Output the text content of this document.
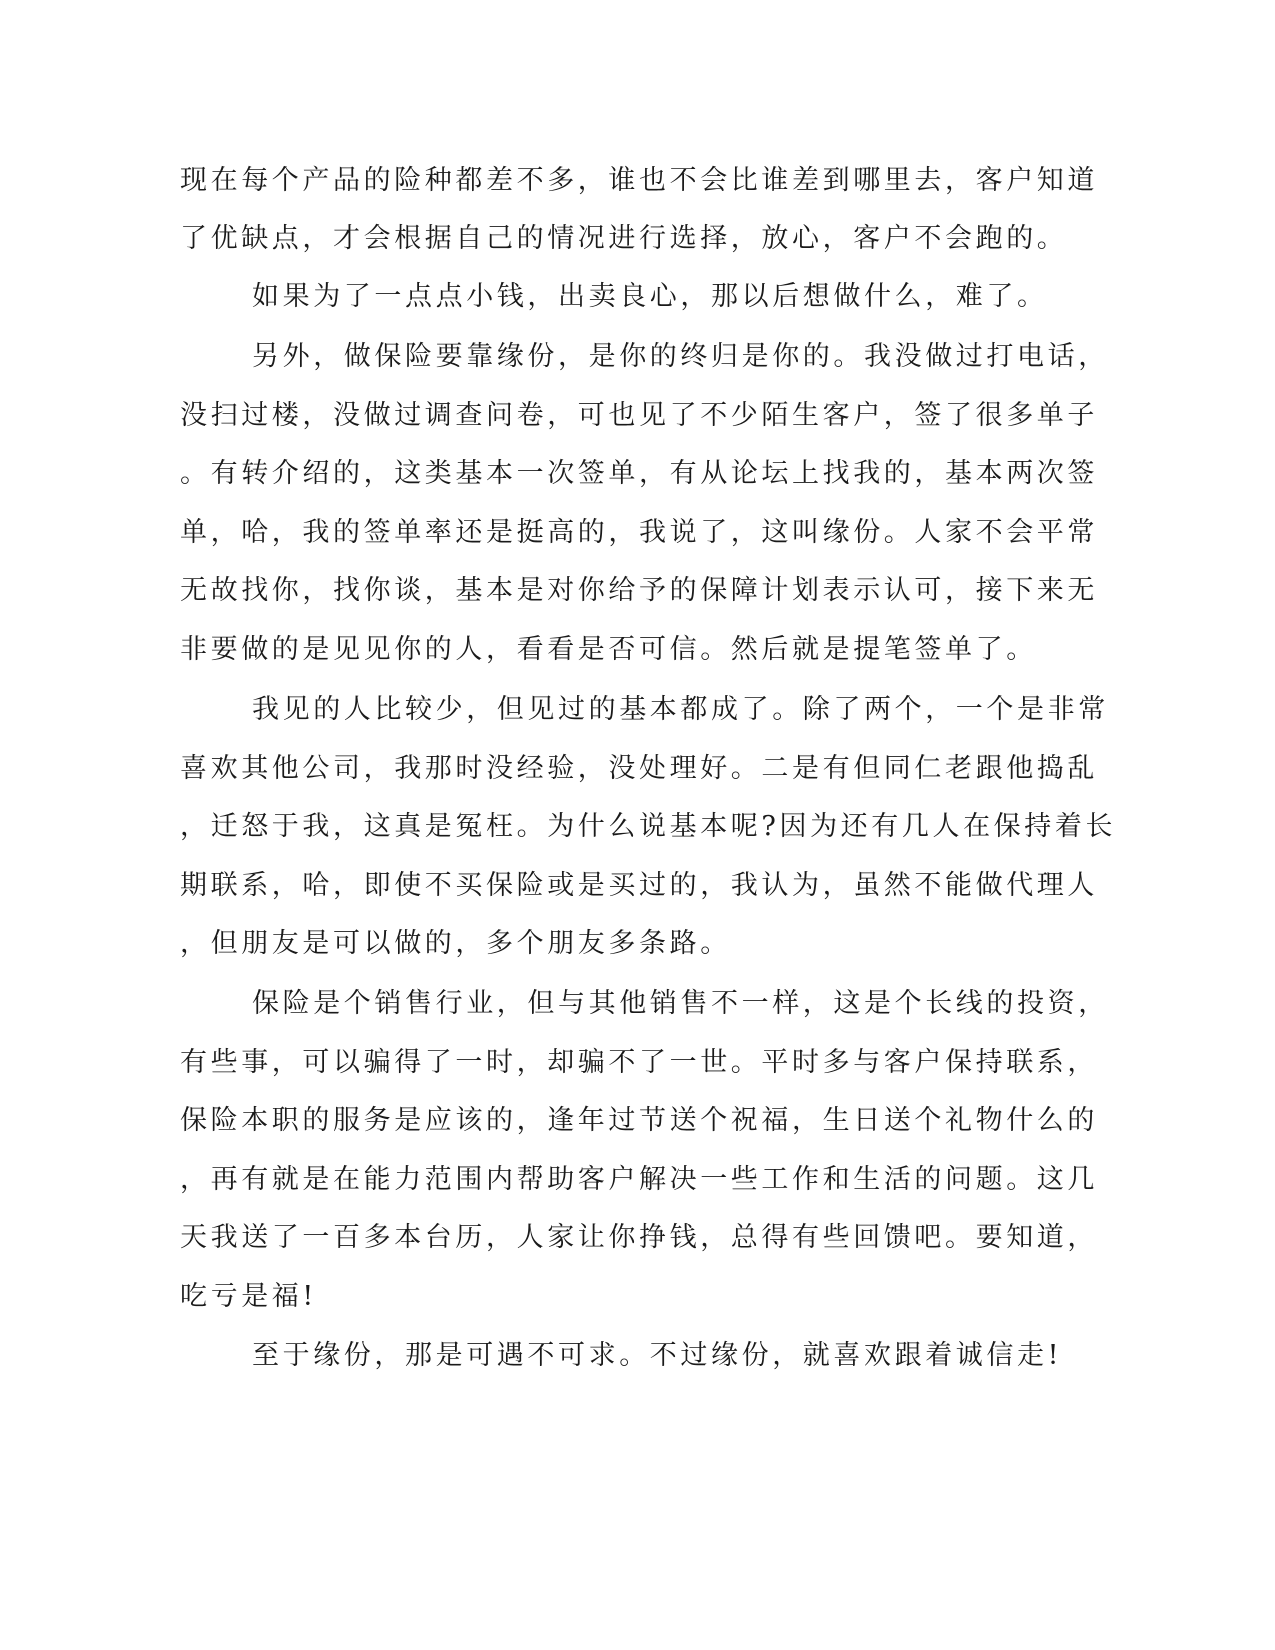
现在每个产品的险种都差不多，谁也不会比谁差到哪里去，客户知道
了优缺点，才会根据自己的情况进行选择，放心，客户不会跑的。
如果为了一点点小钱，出卖良心，那以后想做什么，难了。
另外，做保险要靠缘份，是你的终归是你的。我没做过打电话，
没扫过楼，没做过调查问卷，可也见了不少陌生客户，签了很多单子
。有转介绍的，这类基本一次签单，有从论坛上找我的，基本两次签
单，哈，我的签单率还是挺高的，我说了，这叫缘份。人家不会平常
无故找你，找你谈，基本是对你给予的保障计划表示认可，接下来无
非要做的是见见你的人，看看是否可信。然后就是提笔签单了。
我见的人比较少，但见过的基本都成了。除了两个，一个是非常
喜欢其他公司，我那时没经验，没处理好。二是有但同仁老跟他捣乱
，迁怒于我，这真是冤枉。为什么说基本呢?因为还有几人在保持着长
期联系，哈，即使不买保险或是买过的，我认为，虽然不能做代理人
，但朋友是可以做的，多个朋友多条路。
保险是个销售行业，但与其他销售不一样，这是个长线的投资，
有些事，可以骗得了一时，却骗不了一世。平时多与客户保持联系，
保险本职的服务是应该的，逢年过节送个祝福，生日送个礼物什么的
，再有就是在能力范围内帮助客户解决一些工作和生活的问题。这几
天我送了一百多本台历，人家让你挣钱，总得有些回馈吧。要知道，
吃亏是福!
至于缘份，那是可遇不可求。不过缘份，就喜欢跟着诚信走!
